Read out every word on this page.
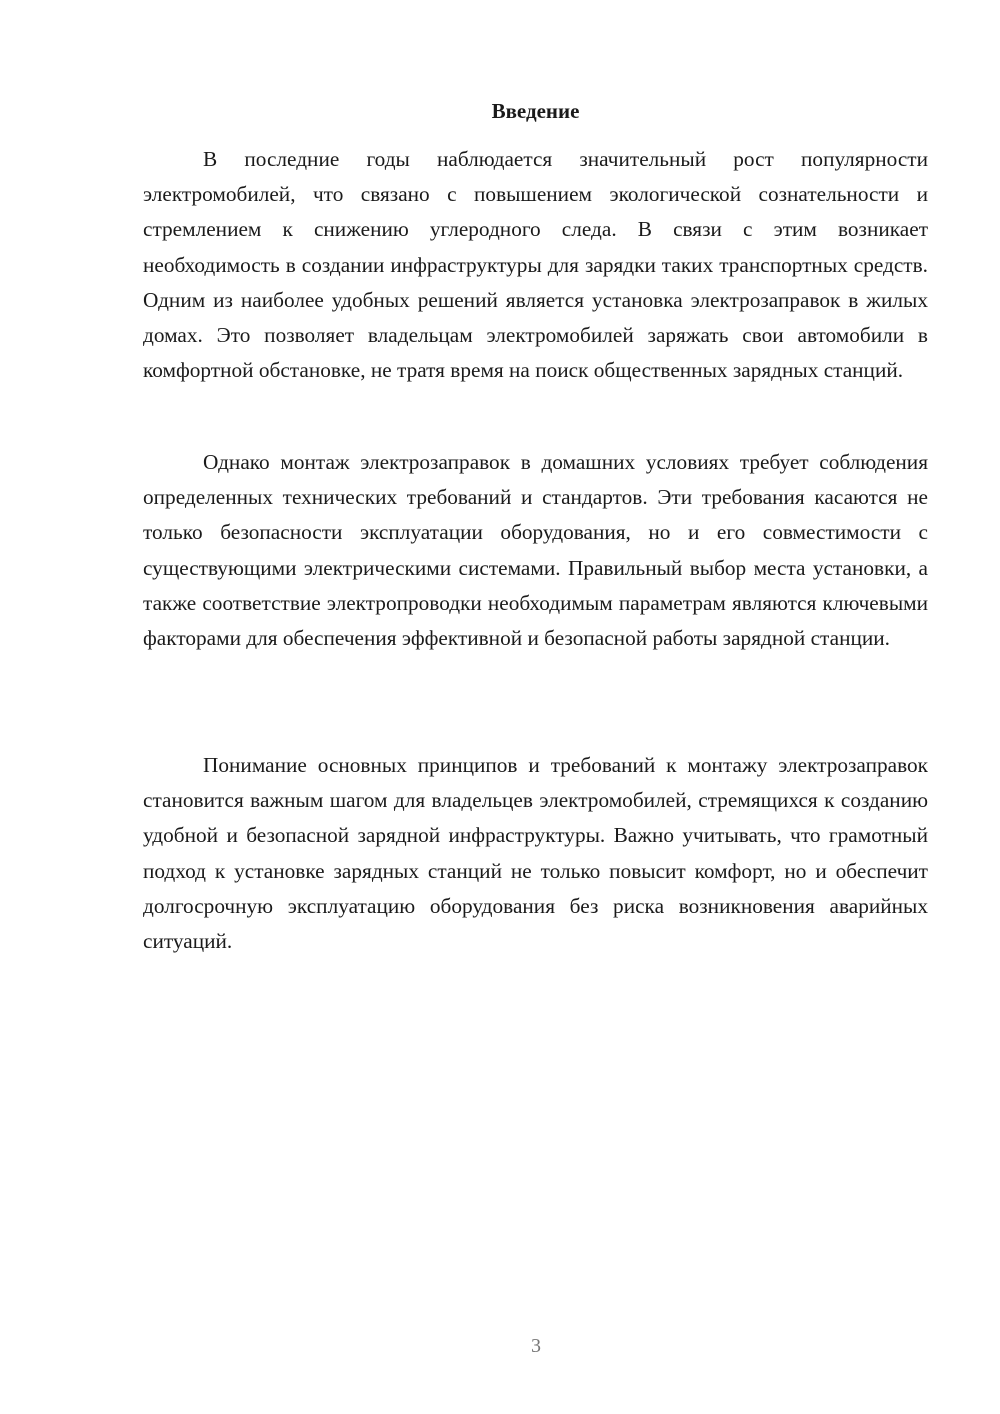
Введение

В последние годы наблюдается значительный рост популярности электромобилей, что связано с повышением экологической сознательности и стремлением к снижению углеродного следа. В связи с этим возникает необходимость в создании инфраструктуры для зарядки таких транспортных средств. Одним из наиболее удобных решений является установка электрозаправок в жилых домах. Это позволяет владельцам электромобилей заряжать свои автомобили в комфортной обстановке, не тратя время на поиск общественных зарядных станций.

Однако монтаж электрозаправок в домашних условиях требует соблюдения определенных технических требований и стандартов. Эти требования касаются не только безопасности эксплуатации оборудования, но и его совместимости с существующими электрическими системами. Правильный выбор места установки, а также соответствие электропроводки необходимым параметрам являются ключевыми факторами для обеспечения эффективной и безопасной работы зарядной станции.

Понимание основных принципов и требований к монтажу электрозаправок становится важным шагом для владельцев электромобилей, стремящихся к созданию удобной и безопасной зарядной инфраструктуры. Важно учитывать, что грамотный подход к установке зарядных станций не только повысит комфорт, но и обеспечит долгосрочную эксплуатацию оборудования без риска возникновения аварийных ситуаций.

3
